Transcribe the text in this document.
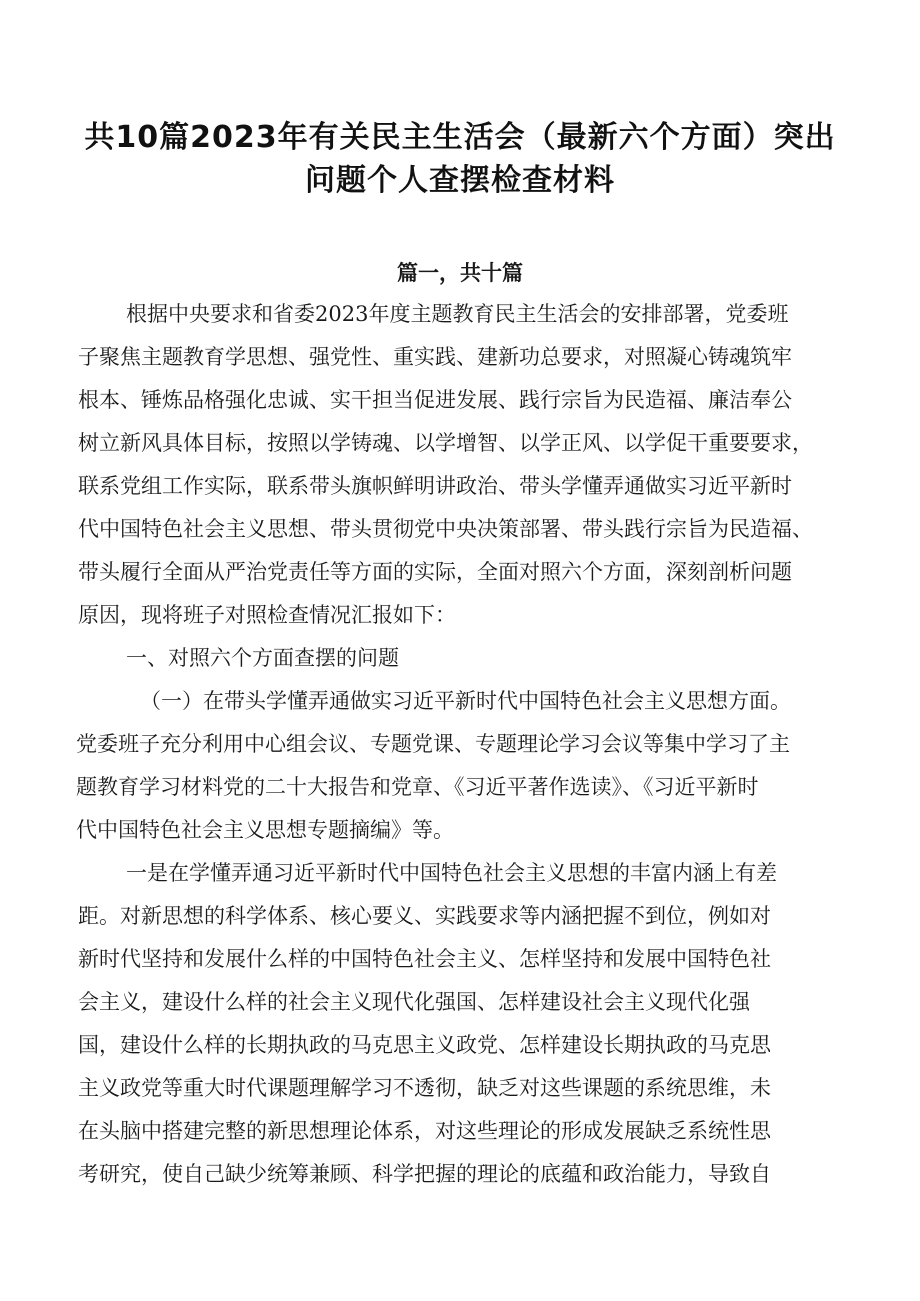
共10篇2023年有关民主生活会（最新六个方面）突出
问题个人查摆检查材料
篇一，共十篇

根据中央要求和省委2023年度主题教育民主生活会的安排部署，党委班

子聚焦主题教育学思想、强党性、重实践、建新功总要求，对照凝心铸魂筑牢

根本、锤炼品格强化忠诚、实干担当促进发展、践行宗旨为民造福、廉洁奉公

树立新风具体目标，按照以学铸魂、以学增智、以学正风、以学促干重要要求，

联系党组工作实际，联系带头旗帜鲜明讲政治、带头学懂弄通做实习近平新时

代中国特色社会主义思想、带头贯彻党中央决策部署、带头践行宗旨为民造福、

带头履行全面从严治党责任等方面的实际，全面对照六个方面，深刻剖析问题

原因，现将班子对照检查情况汇报如下：

一、对照六个方面查摆的问题

（一）在带头学懂弄通做实习近平新时代中国特色社会主义思想方面。

党委班子充分利用中心组会议、专题党课、专题理论学习会议等集中学习了主

题教育学习材料党的二十大报告和党章、《习近平著作选读》、《习近平新时

代中国特色社会主义思想专题摘编》等。

一是在学懂弄通习近平新时代中国特色社会主义思想的丰富内涵上有差

距。对新思想的科学体系、核心要义、实践要求等内涵把握不到位，例如对

新时代坚持和发展什么样的中国特色社会主义、怎样坚持和发展中国特色社

会主义，建设什么样的社会主义现代化强国、怎样建设社会主义现代化强

国，建设什么样的长期执政的马克思主义政党、怎样建设长期执政的马克思

主义政党等重大时代课题理解学习不透彻，缺乏对这些课题的系统思维，未

在头脑中搭建完整的新思想理论体系，对这些理论的形成发展缺乏系统性思

考研究，使自己缺少统筹兼顾、科学把握的理论的底蕴和政治能力，导致自
